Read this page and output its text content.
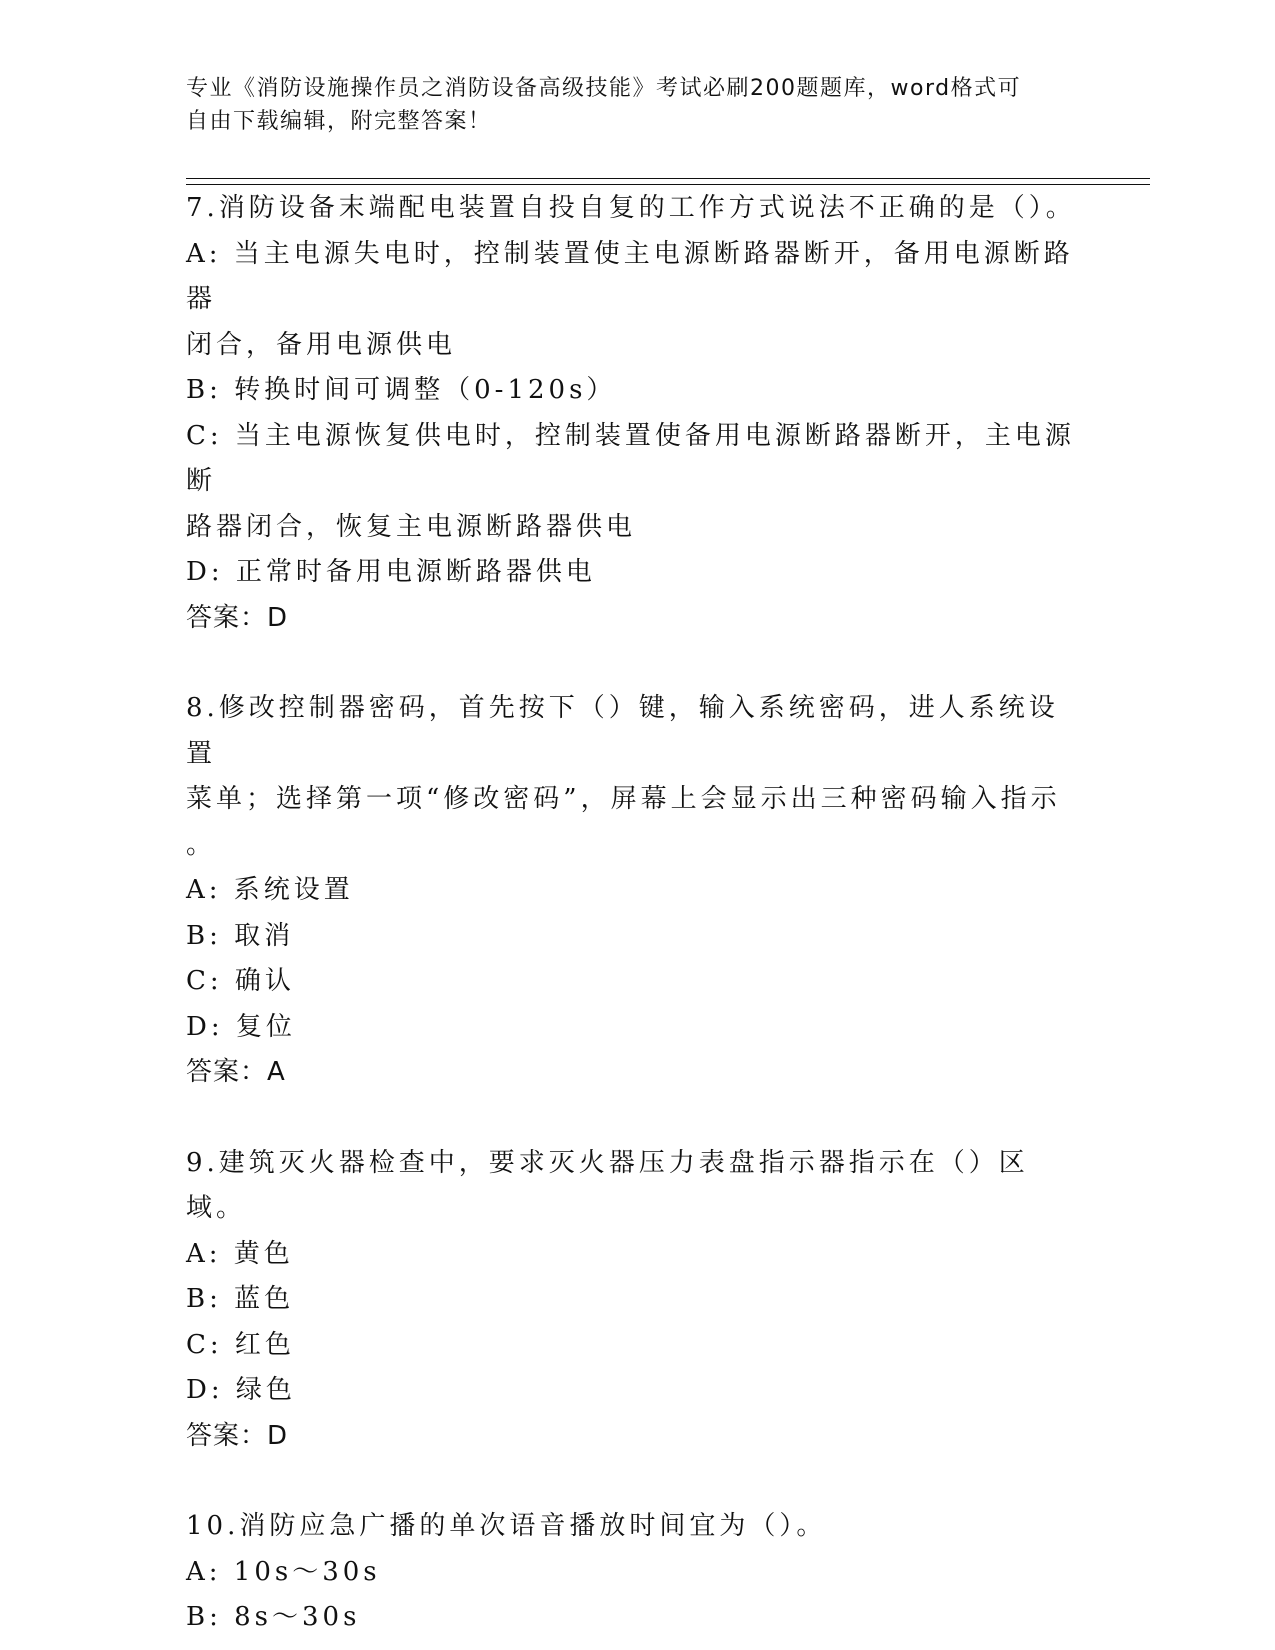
专业《消防设施操作员之消防设备高级技能》考试必刷200题题库，word格式可
自由下载编辑，附完整答案！

7.消防设备末端配电装置自投自复的工作方式说法不正确的是（）。

A: 当主电源失电时，控制装置使主电源断路器断开，备用电源断路器

闭合，备用电源供电

B: 转换时间可调整（0-120s）

C: 当主电源恢复供电时，控制装置使备用电源断路器断开，主电源断

路器闭合，恢复主电源断路器供电

D: 正常时备用电源断路器供电

答案：D

8.修改控制器密码，首先按下（）键，输入系统密码，进人系统设置

菜单；选择第一项“修改密码”，屏幕上会显示出三种密码输入指示

。

A: 系统设置

B: 取消

C: 确认

D: 复位

答案：A

9.建筑灭火器检查中，要求灭火器压力表盘指示器指示在（）区域。

A: 黄色

B: 蓝色

C: 红色

D: 绿色

答案：D

10.消防应急广播的单次语音播放时间宜为（）。

A: 10s～30s

B: 8s～30s
